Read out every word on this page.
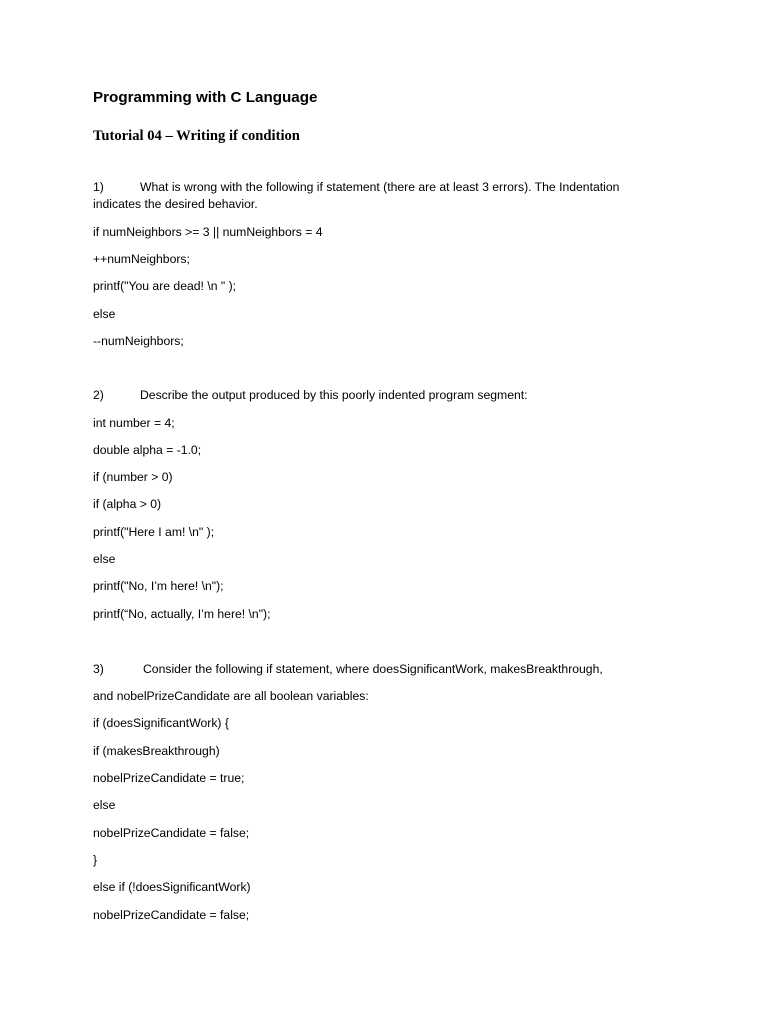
Programming with C Language
Tutorial 04 – Writing if condition
1)	What is wrong with the following if statement (there are at least 3 errors). The Indentation
indicates the desired behavior.
if numNeighbors >= 3 || numNeighbors = 4
++numNeighbors;
printf("You are dead! \n " );
else
--numNeighbors;
2)	Describe the output produced by this poorly indented program segment:
int number = 4;
double alpha = -1.0;
if (number > 0)
if (alpha > 0)
printf("Here I am! \n" );
else
printf("No, I’m here! \n");
printf(“No, actually, I’m here! \n");
3)	Consider the following if statement, where doesSignificantWork, makesBreakthrough,
and nobelPrizeCandidate are all boolean variables:
if (doesSignificantWork) {
if (makesBreakthrough)
nobelPrizeCandidate = true;
else
nobelPrizeCandidate = false;
}
else if (!doesSignificantWork)
nobelPrizeCandidate = false;
